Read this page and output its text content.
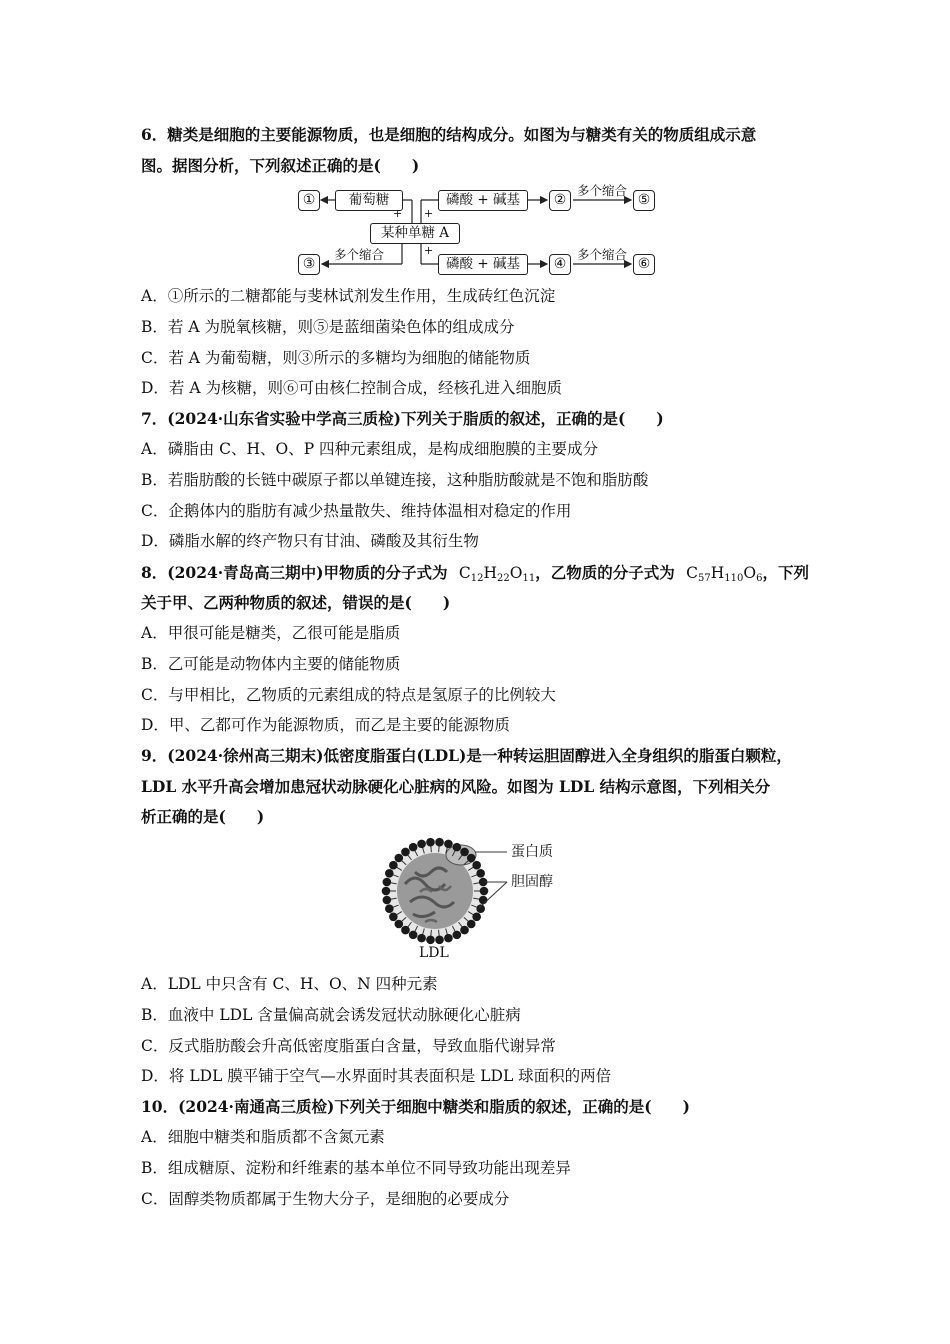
6．糖类是细胞的主要能源物质，也是细胞的结构成分。如图为与糖类有关的物质组成示意
图。据图分析，下列叙述正确的是(　　)
①	葡萄糖
+ +
某种单糖 A
磷酸 + 碱基	②
多个缩合
⑤
+
③
多个缩合
磷酸 + 碱基	④
多个缩合
⑥
A．①所示的二糖都能与斐林试剂发生作用，生成砖红色沉淀
B．若 A 为脱氧核糖，则⑤是蓝细菌染色体的组成成分
C．若 A 为葡萄糖，则③所示的多糖均为细胞的储能物质
D．若 A 为核糖，则⑥可由核仁控制合成，经核孔进入细胞质
7．(2024·山东省实验中学高三质检)下列关于脂质的叙述，正确的是(　　)
A．磷脂由 C、H、O、P 四种元素组成，是构成细胞膜的主要成分
B．若脂肪酸的长链中碳原子都以单键连接，这种脂肪酸就是不饱和脂肪酸
C．企鹅体内的脂肪有减少热量散失、维持体温相对稳定的作用
D．磷脂水解的终产物只有甘油、磷酸及其衍生物
8．(2024·青岛高三期中)甲物质的分子式为 $C_{12}H_{22}O_{11}$，乙物质的分子式为 $C_{57}H_{110}O_6$，下列
关于甲、乙两种物质的叙述，错误的是(　　)
A．甲很可能是糖类，乙很可能是脂质
B．乙可能是动物体内主要的储能物质
C．与甲相比，乙物质的元素组成的特点是氢原子的比例较大
D．甲、乙都可作为能源物质，而乙是主要的能源物质
9．(2024·徐州高三期末)低密度脂蛋白(LDL)是一种转运胆固醇进入全身组织的脂蛋白颗粒，
LDL 水平升高会增加患冠状动脉硬化心脏病的风险。如图为 LDL 结构示意图，下列相关分
析正确的是(　　)
蛋白质
胆固醇
LDL
A．LDL 中只含有 C、H、O、N 四种元素
B．血液中 LDL 含量偏高就会诱发冠状动脉硬化心脏病
C．反式脂肪酸会升高低密度脂蛋白含量，导致血脂代谢异常
D．将 LDL 膜平铺于空气—水界面时其表面积是 LDL 球面积的两倍
10．(2024·南通高三质检)下列关于细胞中糖类和脂质的叙述，正确的是(　　)
A．细胞中糖类和脂质都不含氮元素
B．组成糖原、淀粉和纤维素的基本单位不同导致功能出现差异
C．固醇类物质都属于生物大分子，是细胞的必要成分
